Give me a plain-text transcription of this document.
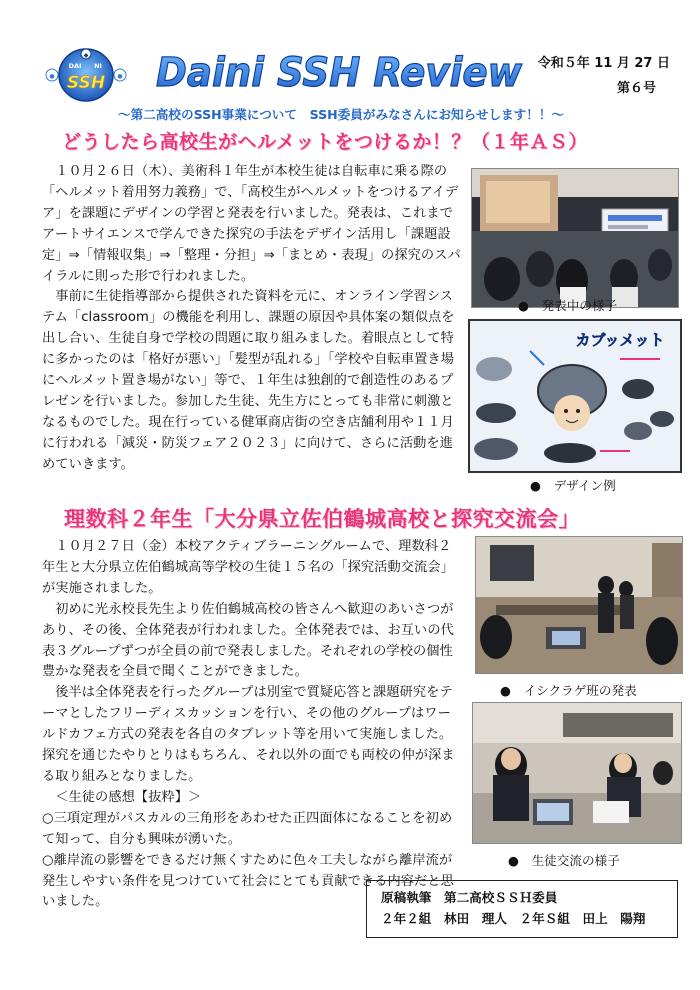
◆
●	●
DAI NI
SSH Daini SSH Review	令和５年 11 月 27 日
第６号
～第二高校のSSH事業について　SSH委員がみなさんにお知らせします！！～
どうしたら高校生がヘルメットをつけるか！？（１年ＡＳ）

１０月２６日（木）、美術科１年生が本校生徒は自転車に乗る際の「ヘルメット着用努力義務」で、「高校生がヘルメットをつけるアイデア」を課題にデザインの学習と発表を行いました。発表は、これまでアートサイエンスで学んできた探究の手法をデザイン活用し「課題設定」⇒「情報収集」⇒「整理・分担」⇒「まとめ・表現」の探究のスパイラルに則った形で行われました。

事前に生徒指導部から提供された資料を元に、オンライン学習システム「classroom」の機能を利用し、課題の原因や具体案の類似点を出し合い、生徒自身で学校の問題に取り組みました。着眼点として特に多かったのは「格好が悪い」「髪型が乱れる」「学校や自転車置き場にヘルメット置き場がない」等で、１年生は独創的で創造性のあるプレゼンを行いました。参加した生徒、先生方にとっても非常に刺激となるものでした。現在行っている健軍商店街の空き店舗利用や１１月に行われる「減災・防災フェア２０２３」に向けて、さらに活動を進めていきます。

●　発表中の様子
カブッメット
●　デザイン例
理数科２年生「大分県立佐伯鶴城高校と探究交流会」

１０月２７日（金）本校アクティブラーニングルームで、理数科２年生と大分県立佐伯鶴城高等学校の生徒１５名の「探究活動交流会」が実施されました。

初めに光永校長先生より佐伯鶴城高校の皆さんへ歓迎のあいさつがあり、その後、全体発表が行われました。全体発表では、お互いの代表３グループずつが全員の前で発表しました。それぞれの学校の個性豊かな発表を全員で聞くことができました。

後半は全体発表を行ったグループは別室で質疑応答と課題研究をテーマとしたフリーディスカッションを行い、その他のグループはワールドカフェ方式の発表を各自のタブレット等を用いて実施しました。探究を通じたやりとりはもちろん、それ以外の面でも両校の仲が深まる取り組みとなりました。

＜生徒の感想【抜粋】＞

○三項定理がパスカルの三角形をあわせた正四面体になることを初めて知って、自分も興味が湧いた。

○離岸流の影響をできるだけ無くすために色々工夫しながら離岸流が発生しやすい条件を見つけていて社会にとても貢献できる内容だと思いました。

●　イシクラゲ班の発表
●　生徒交流の様子
原稿執筆　第二高校ＳＳＨ委員
２年２組　林田　理人　２年Ｓ組　田上　陽翔
